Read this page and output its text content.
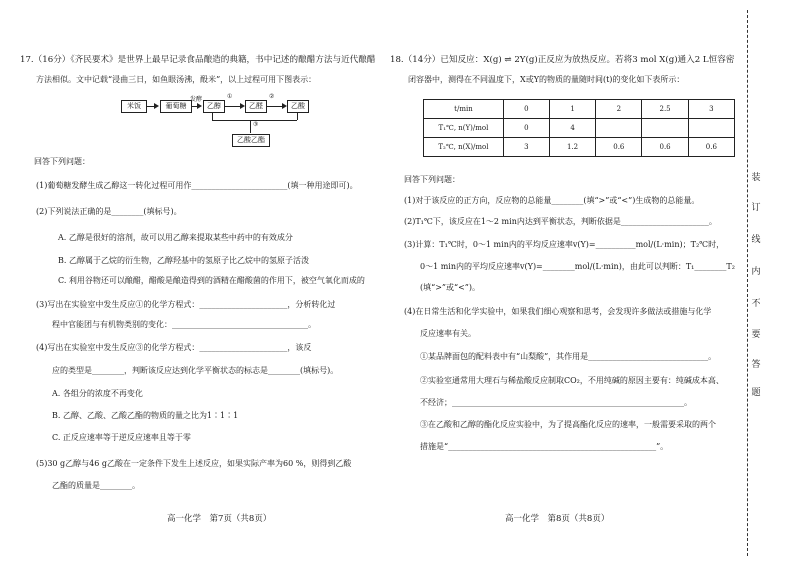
17.（16分）《齐民要术》是世界上最早记录食品酿造的典籍，书中记述的酿醋方法与近代酿醋
方法相似。文中记载“浸曲三日，如鱼眼汤沸，酘米”，以上过程可用下图表示：
米饭	葡萄糖
发酵
乙醇
①
乙醛
②
乙酸
③
乙酸乙酯
回答下列问题：
(1)葡萄糖发酵生成乙醇这一转化过程可用作________________________(填一种用途即可)。
(2)下列说法正确的是________(填标号)。
A. 乙醇是很好的溶剂，故可以用乙醇来提取某些中药中的有效成分
B. 乙醇属于乙烷的衍生物，乙醇羟基中的氢原子比乙烷中的氢原子活泼
C. 利用谷物还可以酿醋，醋酸是酿造得到的酒精在醋酸菌的作用下，被空气氧化而成的
(3)写出在实验室中发生反应①的化学方程式：______________________，分析转化过
程中官能团与有机物类别的变化：__________________________________。
(4)写出在实验室中发生反应③的化学方程式：______________________，该反
应的类型是________，判断该反应达到化学平衡状态的标志是________(填标号)。
A. 各组分的浓度不再变化
B. 乙醇、乙酸、乙酸乙酯的物质的量之比为1∶1∶1
C. 正反应速率等于逆反应速率且等于零
(5)30 g乙醇与46 g乙酸在一定条件下发生上述反应，如果实际产率为60 %，则得到乙酸
乙酯的质量是________。
高一化学　第7页（共8页）
18.（14分）已知反应：X(g) ⇌ 2Y(g)正反应为放热反应。若将3 mol X(g)通入2 L恒容密
闭容器中，测得在不同温度下，X或Y的物质的量随时间(t)的变化如下表所示：
t/min	0	1	2	2.5	3
T₁℃, n(Y)/mol	0	4			
T₂℃, n(X)/mol	3	1.2	0.6	0.6	0.6
回答下列问题：
(1)对于该反应的正方向，反应物的总能量________(填“>”或“<”)生成物的总能量。
(2)T₁℃下，该反应在1～2 min内达到平衡状态，判断依据是______________________。
(3)计算：T₁℃时，0～1 min内的平均反应速率v(Y)=__________mol/(L·min)；T₂℃时，
0～1 min内的平均反应速率v(Y)=________mol/(L·min)，由此可以判断：T₁________T₂
(填“>”或“<”)。
(4)在日常生活和化学实验中，如果我们细心观察和思考，会发现许多做法或措施与化学
反应速率有关。
①某品牌面包的配料表中有“山梨酸”，其作用是______________________________。
②实验室通常用大理石与稀盐酸反应制取CO₂，不用纯碱的原因主要有：纯碱成本高、
不经济；__________________________________________________________。
③在乙酸和乙醇的酯化反应实验中，为了提高酯化反应的速率，一般需要采取的两个
措施是“____________________________________________________”。
高一化学　第8页（共8页）
装
订
线
内
不
要
答
题
